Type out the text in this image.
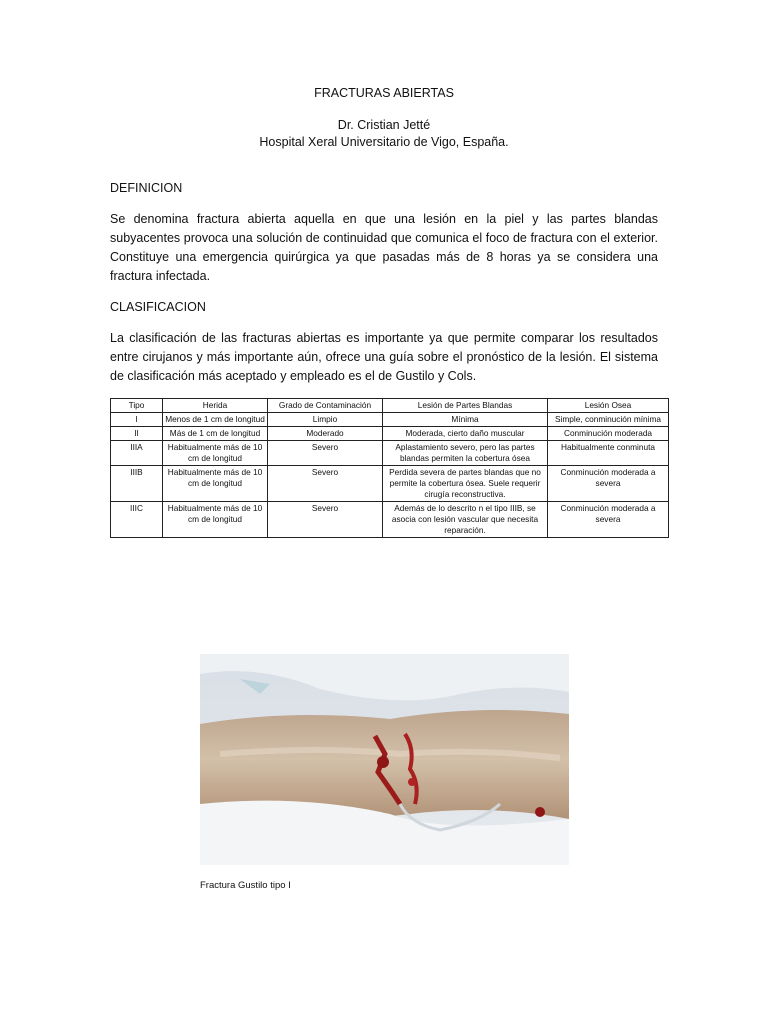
FRACTURAS ABIERTAS
Dr. Cristian Jetté
Hospital Xeral Universitario de Vigo, España.
DEFINICION

Se denomina fractura abierta aquella en que una lesión en la piel y las partes blandas subyacentes provoca una solución de continuidad que comunica el foco de fractura con el exterior. Constituye una emergencia quirúrgica ya que pasadas más de 8 horas ya se considera una fractura infectada.

CLASIFICACION

La clasificación de las fracturas abiertas es importante ya que permite comparar los resultados entre cirujanos y más importante aún, ofrece una guía sobre el pronóstico de la lesión. El sistema de clasificación más aceptado y empleado es el de Gustilo y Cols.

Tipo	Herida	Grado de Contaminación	Lesión de Partes Blandas	Lesión Osea
I	Menos de 1 cm de longitud	Limpio	Mínima	Simple, conminución mínima
II	Más de 1 cm de longitud	Moderado	Moderada, cierto daño muscular	Conminución moderada
IIIA	Habitualmente más de 10 cm de longitud	Severo	Aplastamiento severo, pero las partes blandas permiten la cobertura ósea	Habitualmente conminuta
IIIB	Habitualmente más de 10 cm de longitud	Severo	Perdida severa de partes blandas que no permite la cobertura ósea. Suele requerir cirugía reconstructiva.	Conminución moderada a severa
IIIC	Habitualmente más de 10 cm de longitud	Severo	Además de lo descrito n el tipo IIIB, se asocia con lesión vascular que necesita reparación.	Conminución moderada a severa
Fractura Gustilo tipo I
